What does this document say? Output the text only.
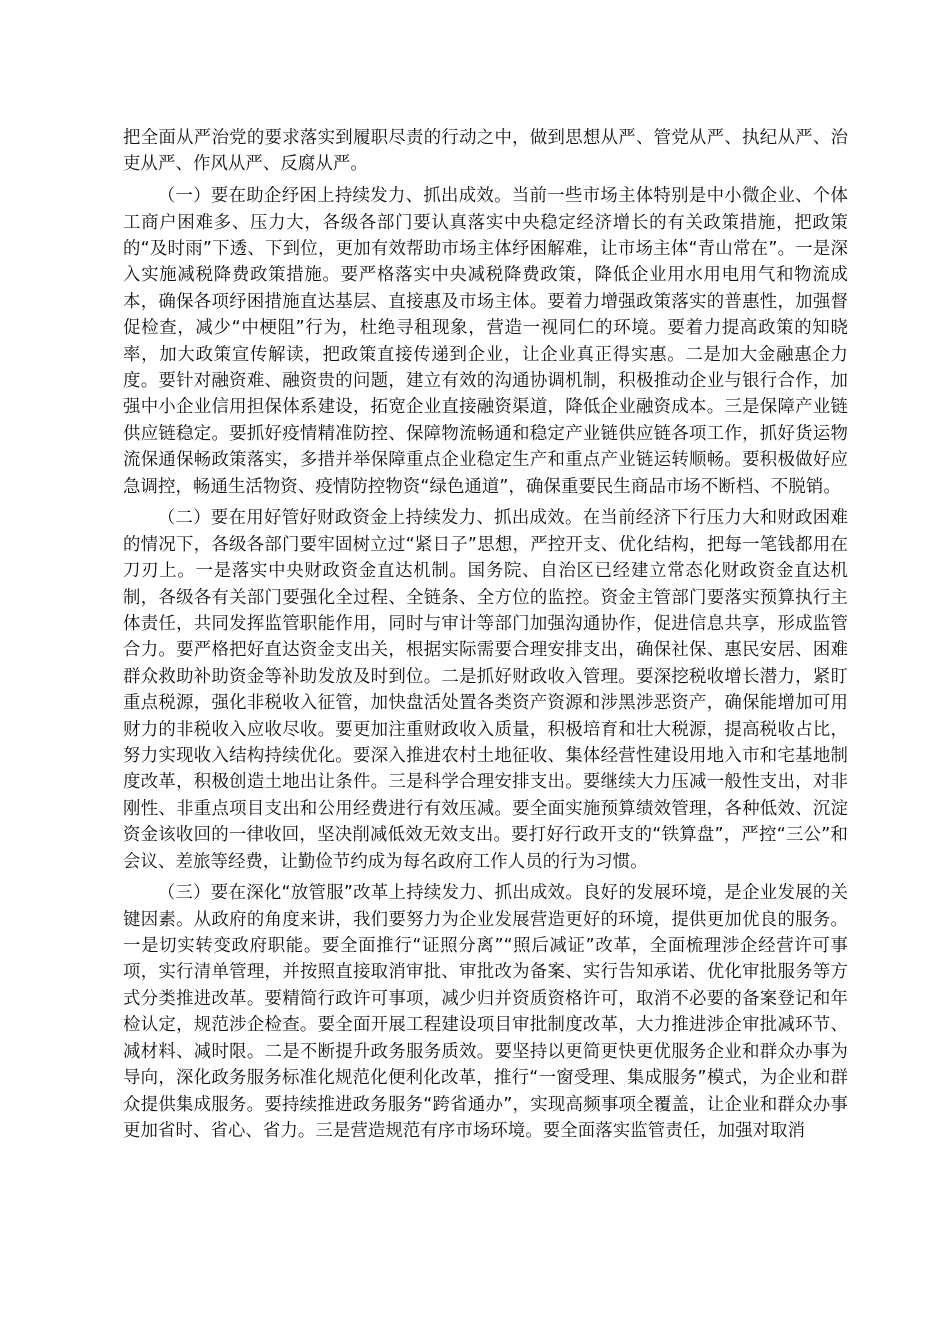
把全面从严治党的要求落实到履职尽责的行动之中，做到思想从严、管党从严、执纪从严、治吏从严、作风从严、反腐从严。

（一）要在助企纾困上持续发力、抓出成效。当前一些市场主体特别是中小微企业、个体工商户困难多、压力大，各级各部门要认真落实中央稳定经济增长的有关政策措施，把政策的“及时雨”下透、下到位，更加有效帮助市场主体纾困解难，让市场主体“青山常在”。一是深入实施减税降费政策措施。要严格落实中央减税降费政策，降低企业用水用电用气和物流成本，确保各项纾困措施直达基层、直接惠及市场主体。要着力增强政策落实的普惠性，加强督促检查，减少“中梗阻”行为，杜绝寻租现象，营造一视同仁的环境。要着力提高政策的知晓率，加大政策宣传解读，把政策直接传递到企业，让企业真正得实惠。二是加大金融惠企力度。要针对融资难、融资贵的问题，建立有效的沟通协调机制，积极推动企业与银行合作，加强中小企业信用担保体系建设，拓宽企业直接融资渠道，降低企业融资成本。三是保障产业链供应链稳定。要抓好疫情精准防控、保障物流畅通和稳定产业链供应链各项工作，抓好货运物流保通保畅政策落实，多措并举保障重点企业稳定生产和重点产业链运转顺畅。要积极做好应急调控，畅通生活物资、疫情防控物资“绿色通道”，确保重要民生商品市场不断档、不脱销。

（二）要在用好管好财政资金上持续发力、抓出成效。在当前经济下行压力大和财政困难的情况下，各级各部门要牢固树立过“紧日子”思想，严控开支、优化结构，把每一笔钱都用在刀刃上。一是落实中央财政资金直达机制。国务院、自治区已经建立常态化财政资金直达机制，各级各有关部门要强化全过程、全链条、全方位的监控。资金主管部门要落实预算执行主体责任，共同发挥监管职能作用，同时与审计等部门加强沟通协作，促进信息共享，形成监管合力。要严格把好直达资金支出关，根据实际需要合理安排支出，确保社保、惠民安居、困难群众救助补助资金等补助发放及时到位。二是抓好财政收入管理。要深挖税收增长潜力，紧盯重点税源，强化非税收入征管，加快盘活处置各类资产资源和涉黑涉恶资产，确保能增加可用财力的非税收入应收尽收。要更加注重财政收入质量，积极培育和壮大税源，提高税收占比，努力实现收入结构持续优化。要深入推进农村土地征收、集体经营性建设用地入市和宅基地制度改革，积极创造土地出让条件。三是科学合理安排支出。要继续大力压减一般性支出，对非刚性、非重点项目支出和公用经费进行有效压减。要全面实施预算绩效管理，各种低效、沉淀资金该收回的一律收回，坚决削减低效无效支出。要打好行政开支的“铁算盘”，严控“三公”和会议、差旅等经费，让勤俭节约成为每名政府工作人员的行为习惯。

（三）要在深化“放管服”改革上持续发力、抓出成效。良好的发展环境，是企业发展的关键因素。从政府的角度来讲，我们要努力为企业发展营造更好的环境，提供更加优良的服务。一是切实转变政府职能。要全面推行“证照分离”“照后减证”改革，全面梳理涉企经营许可事项，实行清单管理，并按照直接取消审批、审批改为备案、实行告知承诺、优化审批服务等方式分类推进改革。要精简行政许可事项，减少归并资质资格许可，取消不必要的备案登记和年检认定，规范涉企检查。要全面开展工程建设项目审批制度改革，大力推进涉企审批减环节、减材料、减时限。二是不断提升政务服务质效。要坚持以更简更快更优服务企业和群众办事为导向，深化政务服务标准化规范化便利化改革，推行“一窗受理、集成服务”模式，为企业和群众提供集成服务。要持续推进政务服务“跨省通办”，实现高频事项全覆盖，让企业和群众办事更加省时、省心、省力。三是营造规范有序市场环境。要全面落实监管责任，加强对取消
